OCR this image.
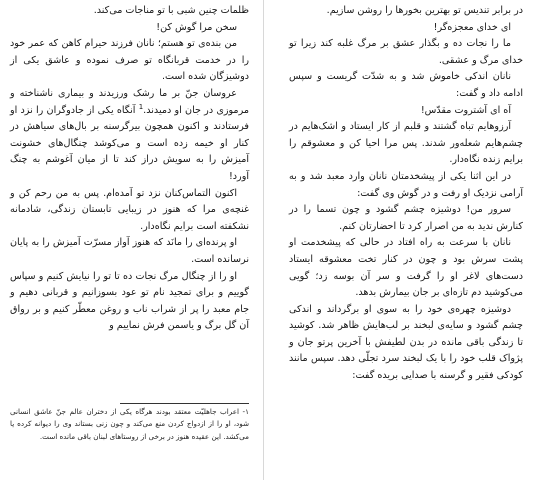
ظلمات چنین شبی با تو مناجات می‌کند.

سخن مرا گوش کن!

من بنده‌ی تو هستم؛ نانان فرزند حیرام کاهن که عمر خود را در خدمت قربانگاه تو صرف نموده و عاشق یکی از دوشیزگان شده است.

عروسان جنّ بر ما رشک ورزیدند و بیماری ناشناخته و مرموزی در جان او دمیدند.$^1$ آنگاه یکی از جادوگران را نزد او فرستادند و اکنون همچون بیرگرسنه بر بال‌های سیاهش در کنار او خیمه زده است و می‌کوشد چنگال‌های خشونت آمیزش را به سویش دراز کند تا از میان آغوشم به چنگ آورد!

اکنون التماس‌کنان نزد تو آمده‌ام. پس به من رحم کن و غنچه‌ی مرا که هنوز در زیبایی تابستان زندگی، شادمانه نشکفته است برایم نگاه‌دار.

او پرنده‌ای را مانَد که هنوز آواز مسرّت آمیزش را به پایان نرسانده است.

او را از چنگال مرگ نجات ده تا تو را نیایش کنیم و سپاس گوییم و برای تمجید نام تو عود بسوزانیم و قربانی دهیم و جام معبد را پر از شراب ناب و روغن معطّر کنیم و بر رواق آن گل برگ و یاسمن فرش نماییم و

۱- اعراب جاهلیّت معتقد بودند هرگاه یکی از دختران عالم جنّ عاشق انسانی شود، او را از ازدواج کردن منع می‌کند و چون زنی بستاند وی را دیوانه کرده یا می‌کشد. این عقیده هنوز در برخی از روستاهای لبنان باقی مانده است.

در برابر تندیس تو بهترین بخورها را روشن سازیم.

ای خدای معجزه‌گر!

ما را نجات ده و بگذار عشق بر مرگ غلبه کند زیرا تو خدای مرگ و عشقی.

نانان اندکی خاموش شد و به شدّت گریست و سپس ادامه داد و گفت:

آه ای آشتروت مقدّس!

آرزوهایم تباه گشتند و قلبم از کار ایستاد و اشک‌هایم در چشم‌هایم شعله‌ور شدند. پس مرا احیا کن و معشوقم را برایم زنده نگاه‌دار.

در این اثنا یکی از پیشخدمتان نانان وارد معبد شد و به آرامی نزدیک او رفت و در گوش وی گفت:

سرور من! دوشیزه چشم گشود و چون تسما را در کنارش ندید به من اصرار کرد تا احضارتان کنم.

نانان با سرعت به راه افتاد در حالی که پیشخدمت او پشت سرش بود و چون در کنار تخت معشوقه ایستاد دست‌های لاغر او را گرفت و سر آن بوسه زد؛ گویی می‌کوشید دم تازه‌ای بر جان بیمارش بدهد.

دوشیزه چهره‌ی خود را به سوی او برگرداند و اندکی چشم گشود و سایه‌ی لبخند بر لب‌هایش ظاهر شد. کوشید تا زندگی باقی مانده در بدن لطیفش با آخرین پرتو جان و پژواک قلب خود را با یک لبخند سرد تجلّی دهد. سپس مانند کودکی فقیر و گرسنه با صدایی بریده گفت:
